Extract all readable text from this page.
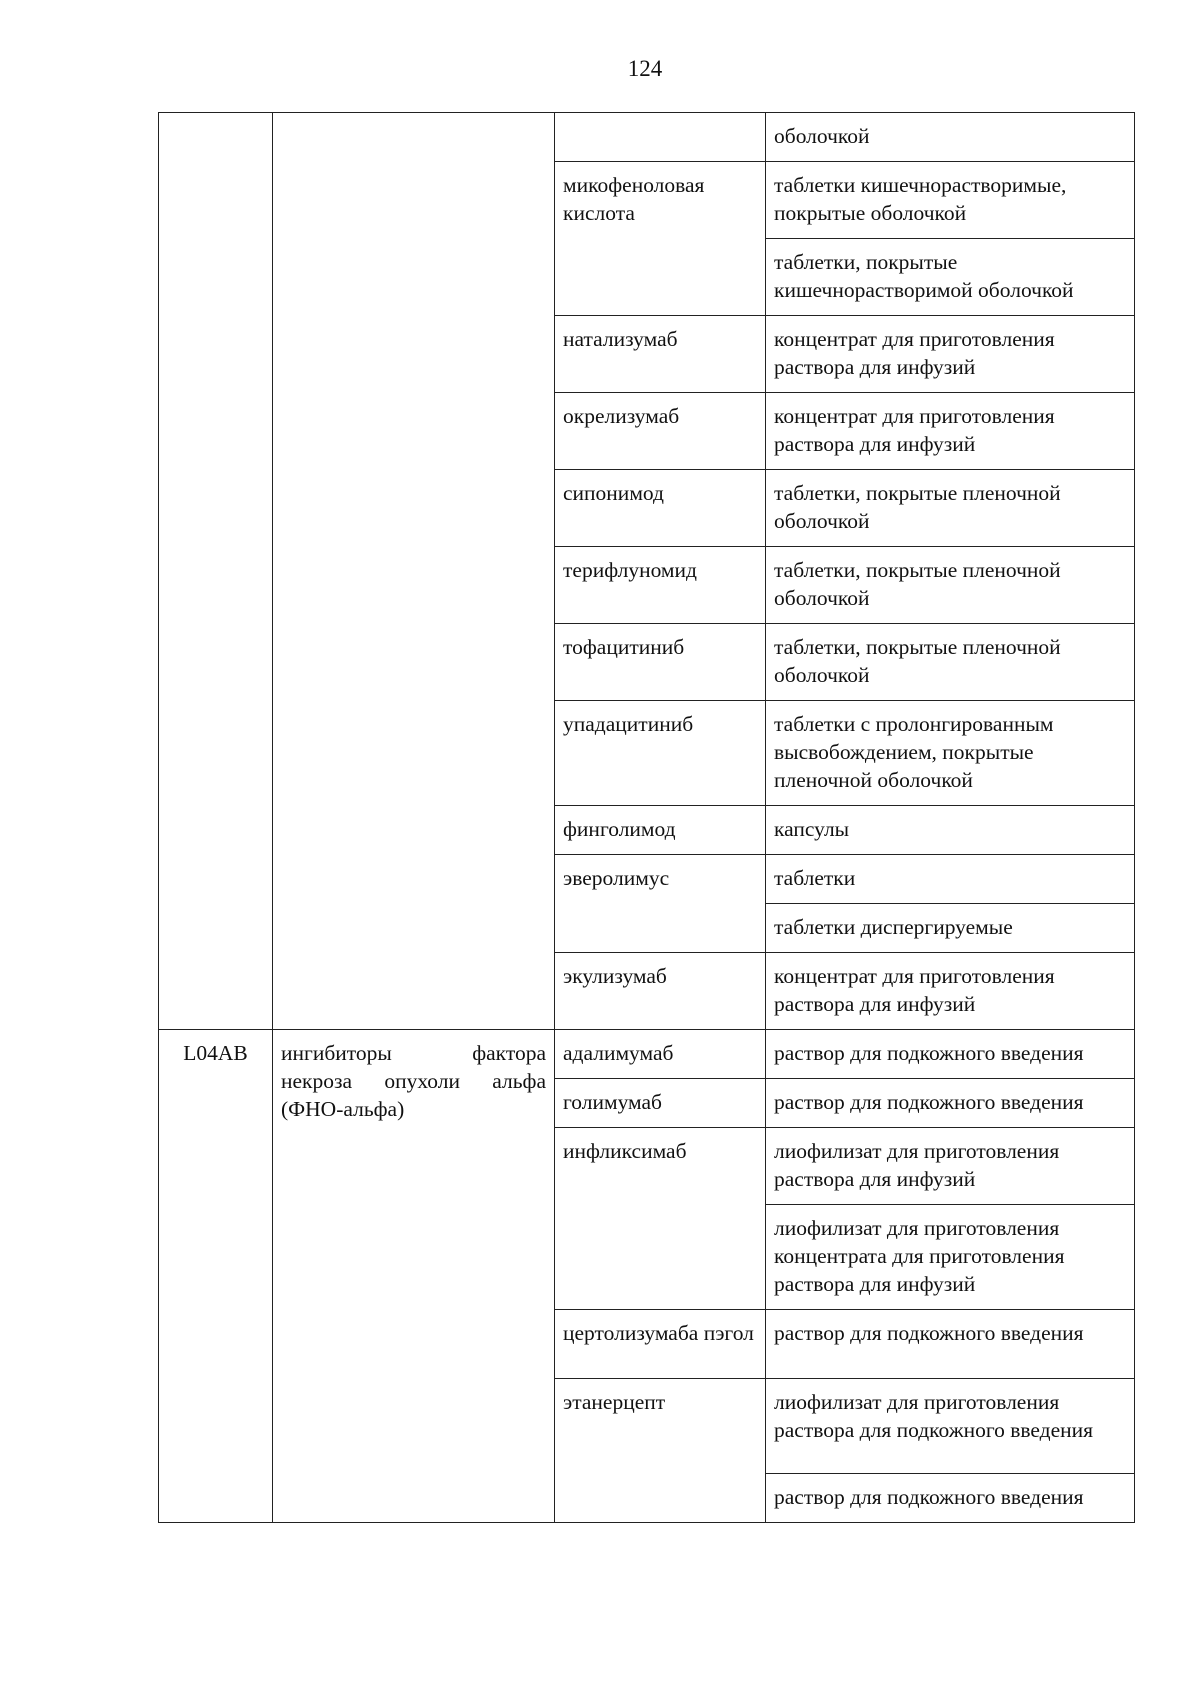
124
			оболочкой
		микофеноловая кислота	таблетки кишечнорастворимые, покрытые оболочкой
			таблетки, покрытые кишечнорастворимой оболочкой
		натализумаб	концентрат для приготовления раствора для инфузий
		окрелизумаб	концентрат для приготовления раствора для инфузий
		сипонимод	таблетки, покрытые пленочной оболочкой
		терифлуномид	таблетки, покрытые пленочной оболочкой
		тофацитиниб	таблетки, покрытые пленочной оболочкой
		упадацитиниб	таблетки с пролонгированным высвобождением, покрытые пленочной оболочкой
		финголимод	капсулы
		эверолимус	таблетки
			таблетки диспергируемые
		экулизумаб	концентрат для приготовления раствора для инфузий
L04AB	ингибиторы фактора некроза опухоли альфа (ФНО-альфа)	адалимумаб	раствор для подкожного введения
		голимумаб	раствор для подкожного введения
		инфликсимаб	лиофилизат для приготовления раствора для инфузий
			лиофилизат для приготовления концентрата для приготовления раствора для инфузий
		цертолизумаба пэгол	раствор для подкожного введения
		этанерцепт	лиофилизат для приготовления раствора для подкожного введения
			раствор для подкожного введения
